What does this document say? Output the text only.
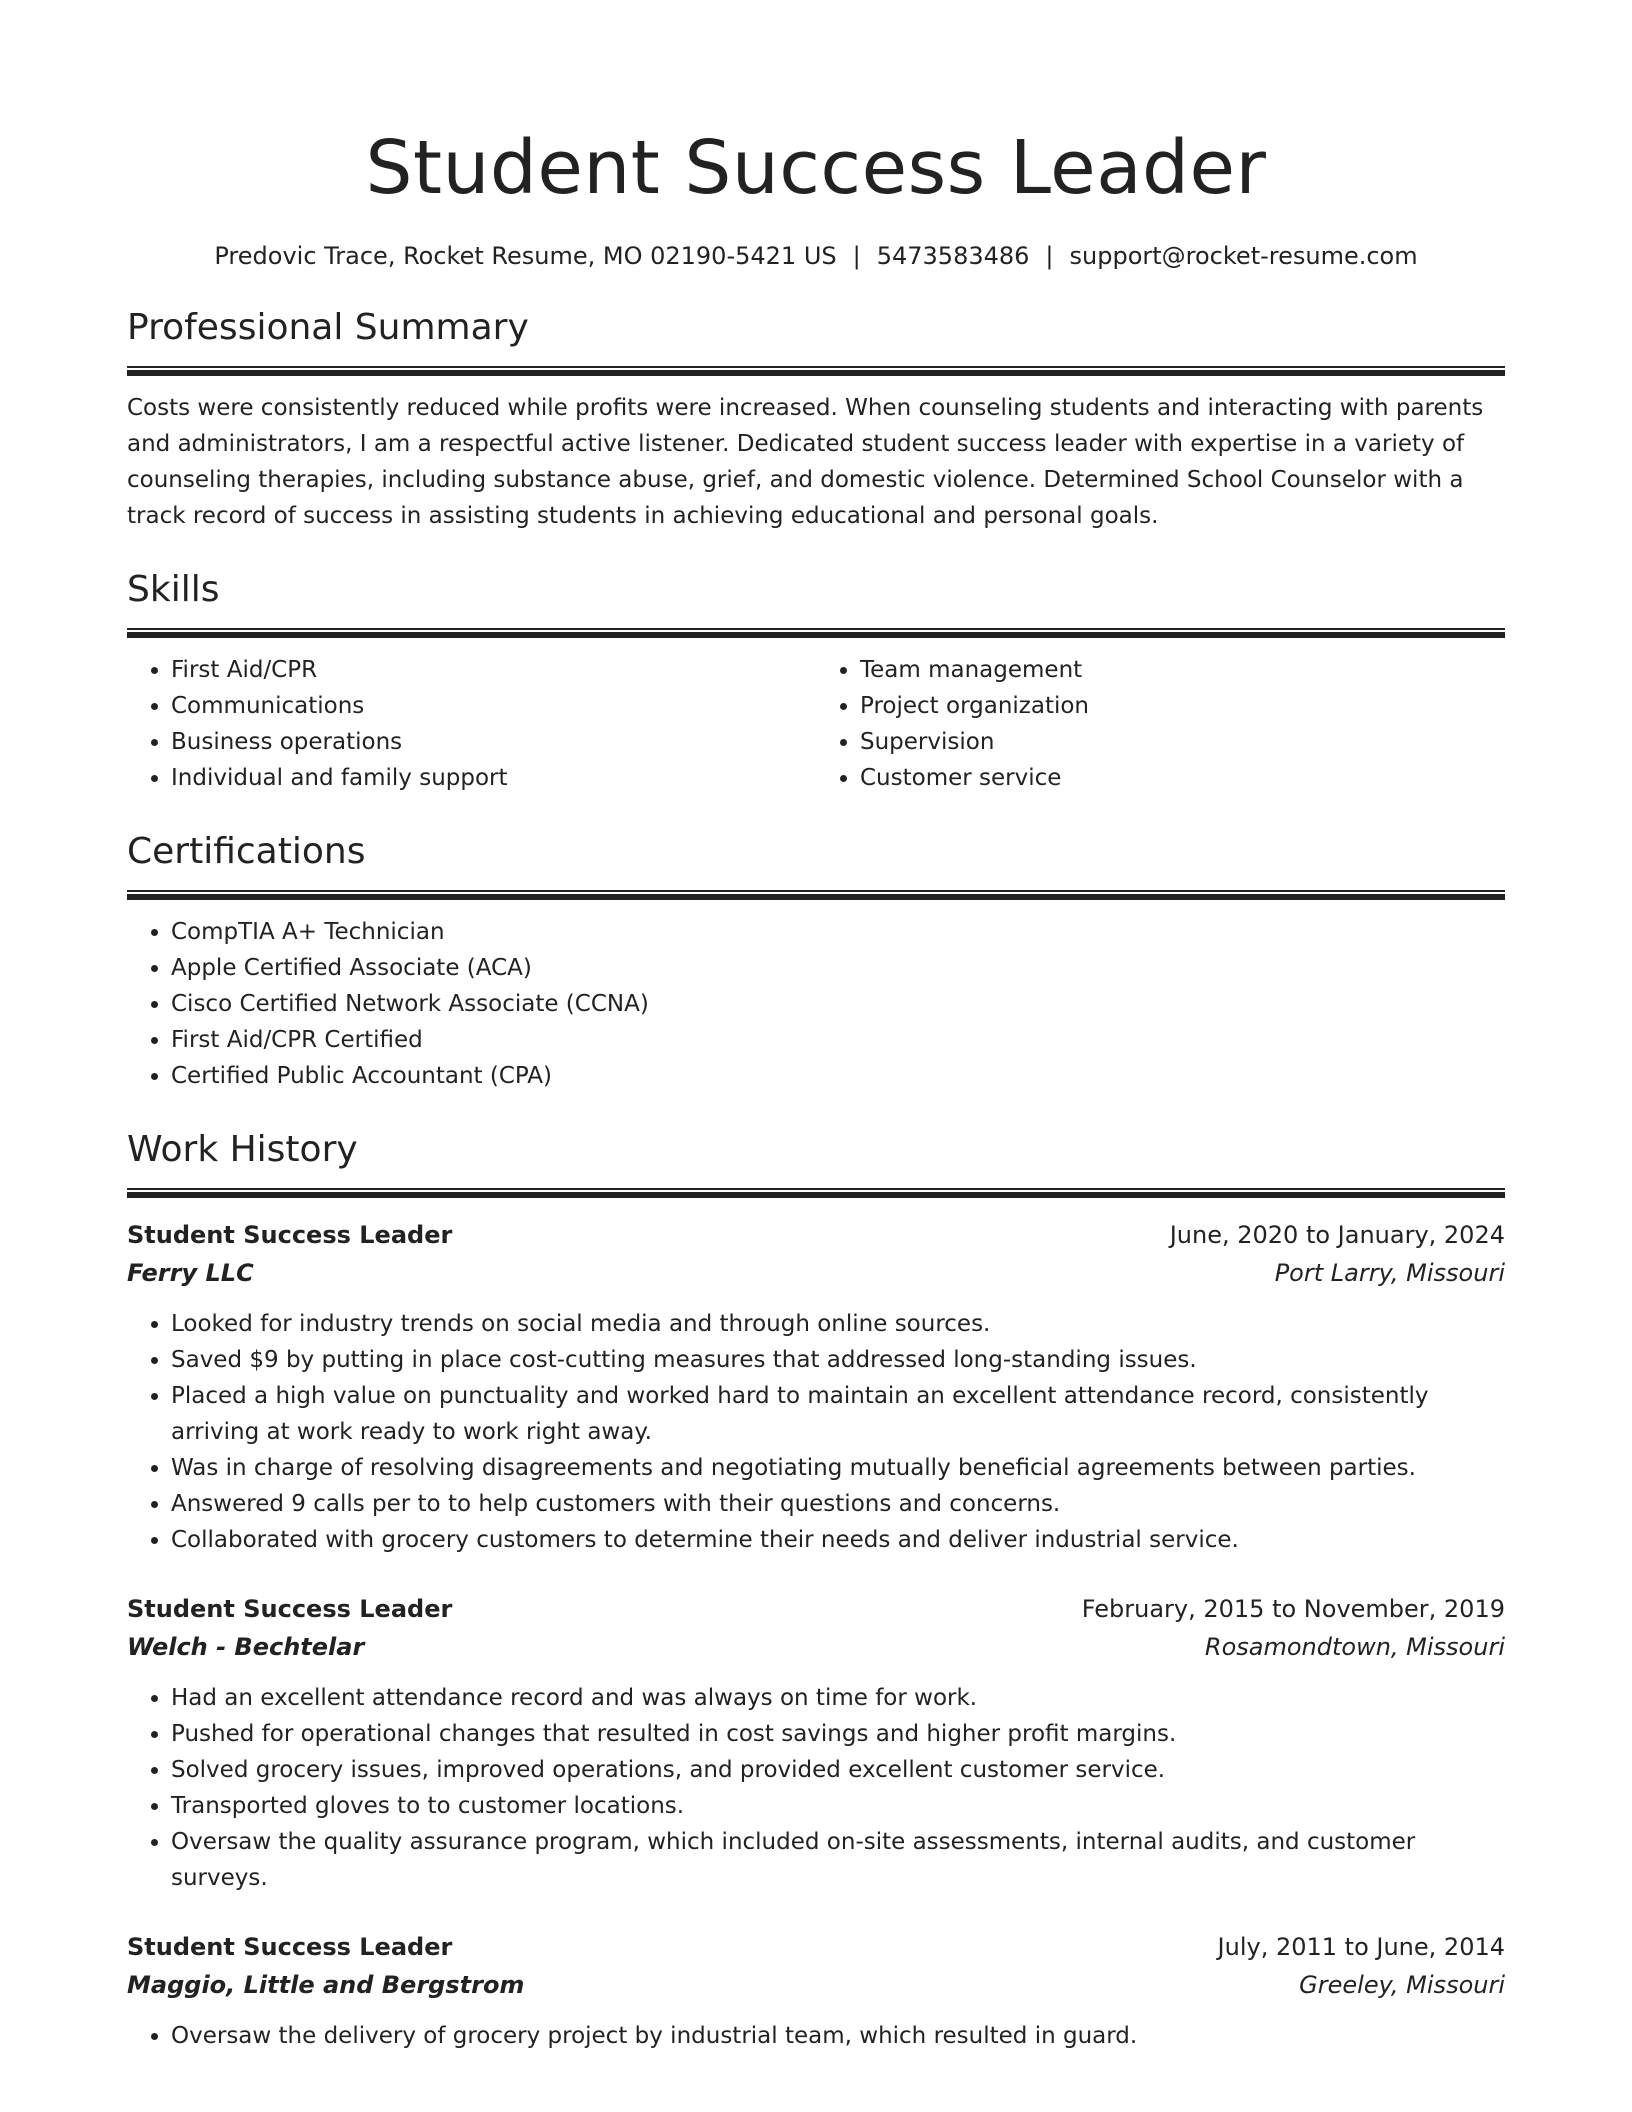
Student Success Leader
Predovic Trace, Rocket Resume, MO 02190-5421 US | 5473583486 | support@rocket-resume.com
Professional Summary
Costs were consistently reduced while profits were increased. When counseling students and interacting with parents and administrators, I am a respectful active listener. Dedicated student success leader with expertise in a variety of counseling therapies, including substance abuse, grief, and domestic violence. Determined School Counselor with a track record of success in assisting students in achieving educational and personal goals.
Skills
• First Aid/CPR
• Communications
• Business operations
• Individual and family support
• Team management
• Project organization
• Supervision
• Customer service
Certifications
• CompTIA A+ Technician
• Apple Certified Associate (ACA)
• Cisco Certified Network Associate (CCNA)
• First Aid/CPR Certified
• Certified Public Accountant (CPA)
Work History
Student Success Leader	June, 2020 to January, 2024
Ferry LLC	Port Larry, Missouri
• Looked for industry trends on social media and through online sources.
• Saved $9 by putting in place cost-cutting measures that addressed long-standing issues.
• Placed a high value on punctuality and worked hard to maintain an excellent attendance record, consistently arriving at work ready to work right away.
• Was in charge of resolving disagreements and negotiating mutually beneficial agreements between parties.
• Answered 9 calls per to to help customers with their questions and concerns.
• Collaborated with grocery customers to determine their needs and deliver industrial service.
Student Success Leader	February, 2015 to November, 2019
Welch - Bechtelar	Rosamondtown, Missouri
• Had an excellent attendance record and was always on time for work.
• Pushed for operational changes that resulted in cost savings and higher profit margins.
• Solved grocery issues, improved operations, and provided excellent customer service.
• Transported gloves to to customer locations.
• Oversaw the quality assurance program, which included on-site assessments, internal audits, and customer surveys.
Student Success Leader	July, 2011 to June, 2014
Maggio, Little and Bergstrom	Greeley, Missouri
• Oversaw the delivery of grocery project by industrial team, which resulted in guard.
